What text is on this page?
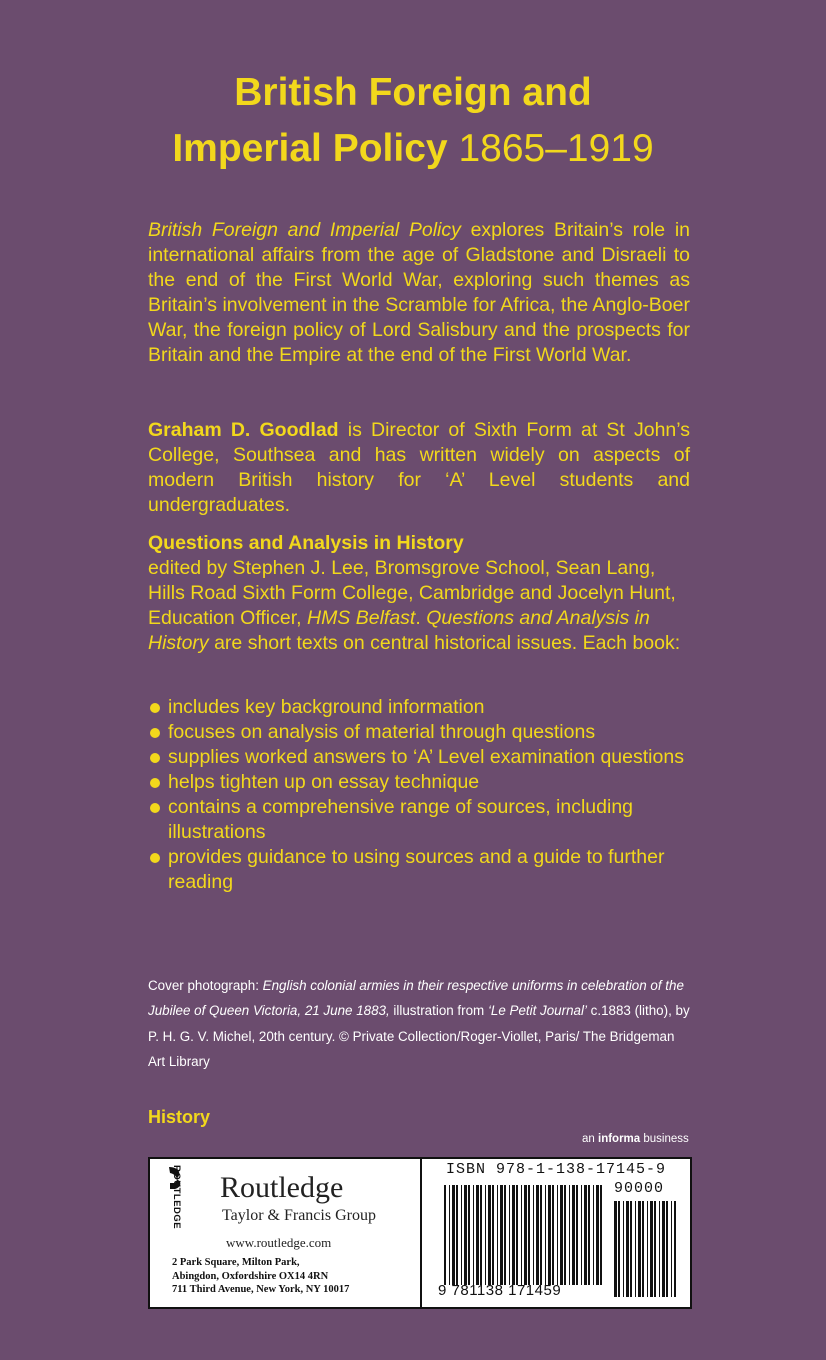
British Foreign and
Imperial Policy 1865–1919
British Foreign and Imperial Policy explores Britain’s role in international affairs from the age of Gladstone and Disraeli to the end of the First World War, exploring such themes as Britain’s involvement in the Scramble for Africa, the Anglo-Boer War, the foreign policy of Lord Salisbury and the prospects for Britain and the Empire at the end of the First World War.
Graham D. Goodlad is Director of Sixth Form at St John’s College, Southsea and has written widely on aspects of modern British history for ‘A’ Level students and undergraduates.
Questions and Analysis in History
edited by Stephen J. Lee, Bromsgrove School, Sean Lang, Hills Road Sixth Form College, Cambridge and Jocelyn Hunt, Education Officer, HMS Belfast. Questions and Analysis in History are short texts on central historical issues. Each book:
includes key background information
focuses on analysis of material through questions
supplies worked answers to ‘A’ Level examination questions
helps tighten up on essay technique
contains a comprehensive range of sources, including illustrations
provides guidance to using sources and a guide to further reading
Cover photograph: English colonial armies in their respective uniforms in celebration of the Jubilee of Queen Victoria, 21 June 1883, illustration from ‘Le Petit Journal’ c.1883 (litho), by P. H. G. V. Michel, 20th century. © Private Collection/Roger-Viollet, Paris/ The Bridgeman Art Library
History
an informa business
ROUTLEDGE Routledge
Taylor & Francis Group
www.routledge.com
2 Park Square, Milton Park,
Abingdon, Oxfordshire OX14 4RN
711 Third Avenue, New York, NY 10017
ISBN 978-1-138-17145-9
90000
9 781138 171459
